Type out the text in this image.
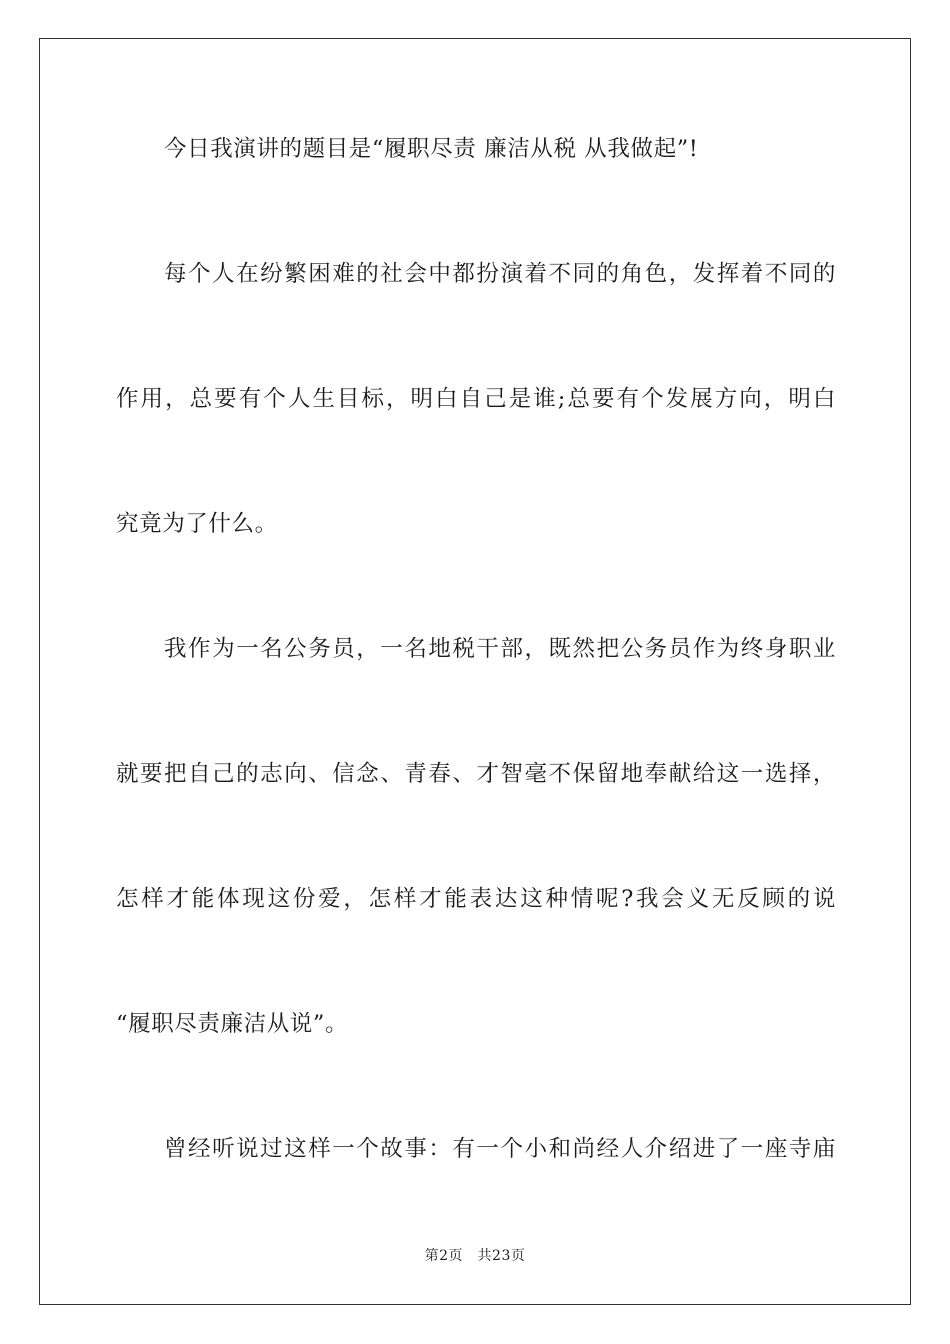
今日我演讲的题目是“履职尽责 廉洁从税 从我做起”!
每个人在纷繁困难的社会中都扮演着不同的角色，发挥着不同的
作用，总要有个人生目标，明白自己是谁;总要有个发展方向，明白
究竟为了什么。
我作为一名公务员，一名地税干部，既然把公务员作为终身职业
就要把自己的志向、信念、青春、才智毫不保留地奉献给这一选择，
怎样才能体现这份爱，怎样才能表达这种情呢?我会义无反顾的说
“履职尽责廉洁从说”。
曾经听说过这样一个故事：有一个小和尚经人介绍进了一座寺庙
第2页　共23页
